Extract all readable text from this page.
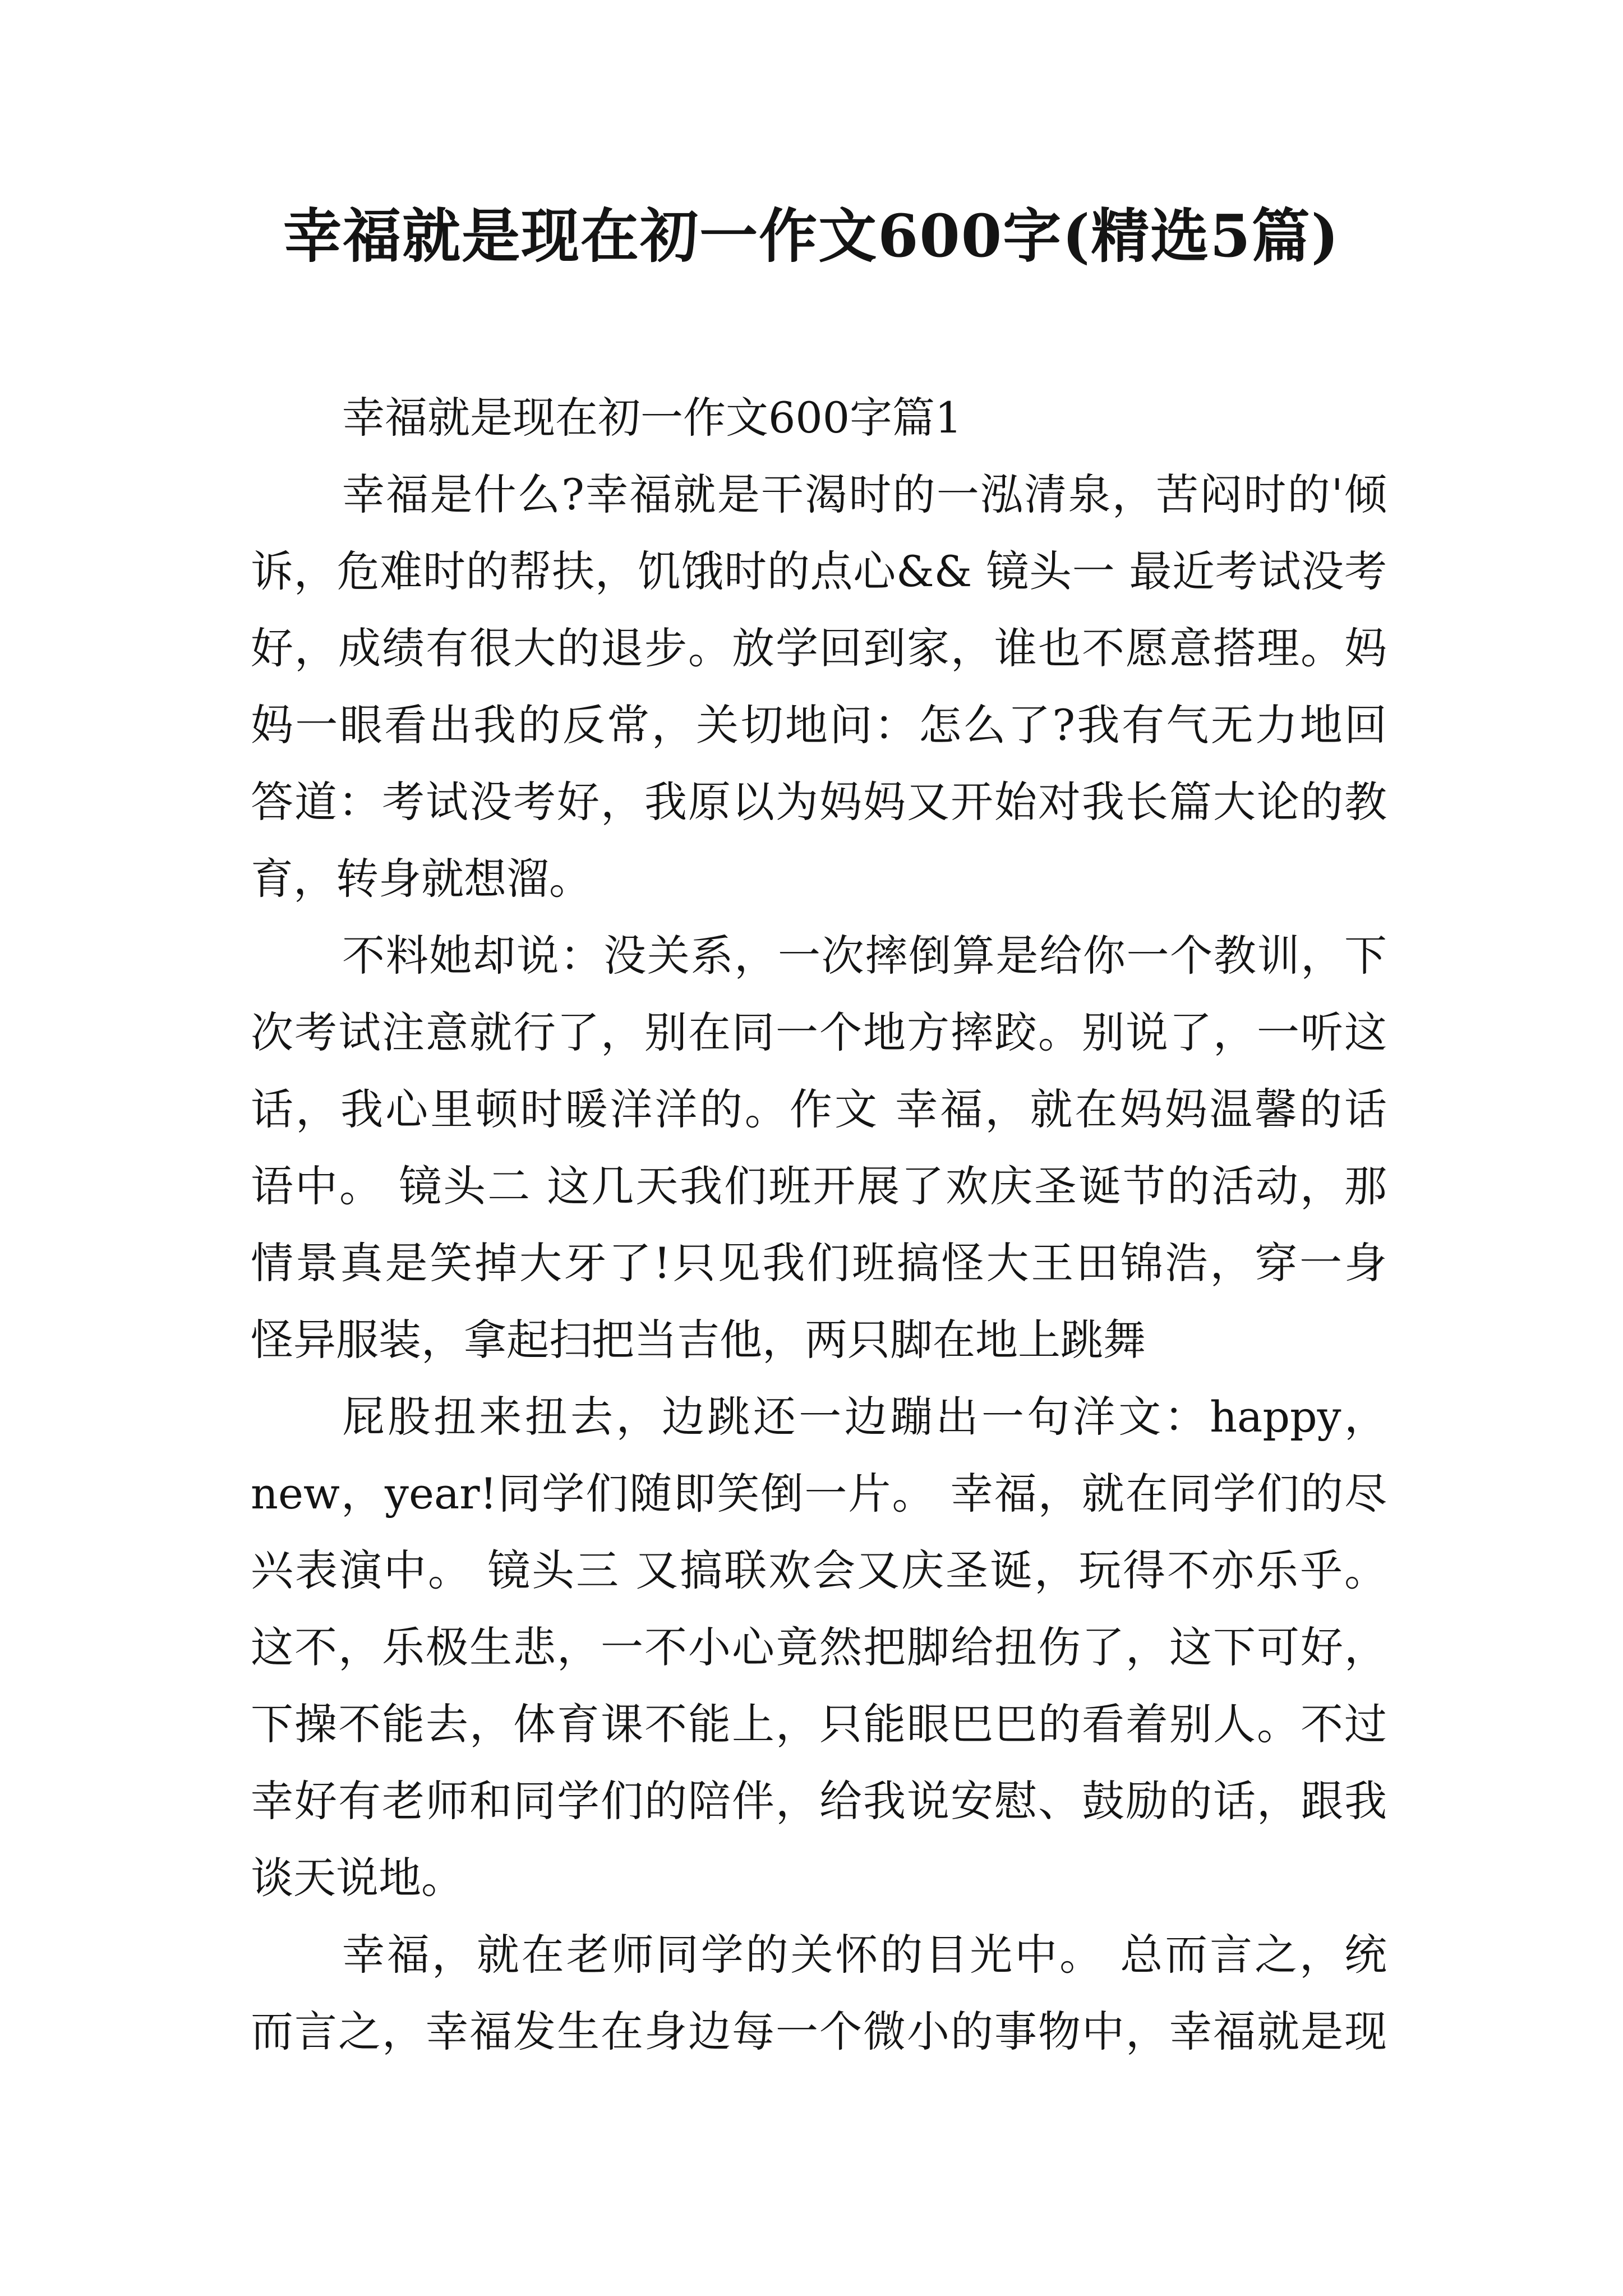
幸福就是现在初一作文600字(精选5篇)
幸福就是现在初一作文600字篇1
幸福是什么?幸福就是干渴时的一泓清泉，苦闷时的'倾
诉，危难时的帮扶，饥饿时的点心&& 镜头一 最近考试没考
好，成绩有很大的退步。放学回到家，谁也不愿意搭理。妈
妈一眼看出我的反常，关切地问：怎么了?我有气无力地回
答道：考试没考好，我原以为妈妈又开始对我长篇大论的教
育，转身就想溜。
不料她却说：没关系，一次摔倒算是给你一个教训，下
次考试注意就行了，别在同一个地方摔跤。别说了，一听这
话，我心里顿时暖洋洋的。作文 幸福，就在妈妈温馨的话
语中。 镜头二 这几天我们班开展了欢庆圣诞节的活动，那
情景真是笑掉大牙了!只见我们班搞怪大王田锦浩，穿一身
怪异服装，拿起扫把当吉他，两只脚在地上跳舞
屁股扭来扭去，边跳还一边蹦出一句洋文：happy，
new，year!同学们随即笑倒一片。 幸福，就在同学们的尽
兴表演中。 镜头三 又搞联欢会又庆圣诞，玩得不亦乐乎。
这不，乐极生悲，一不小心竟然把脚给扭伤了，这下可好，
下操不能去，体育课不能上，只能眼巴巴的看着别人。不过
幸好有老师和同学们的陪伴，给我说安慰、鼓励的话，跟我
谈天说地。
幸福，就在老师同学的关怀的目光中。 总而言之，统
而言之，幸福发生在身边每一个微小的事物中，幸福就是现
